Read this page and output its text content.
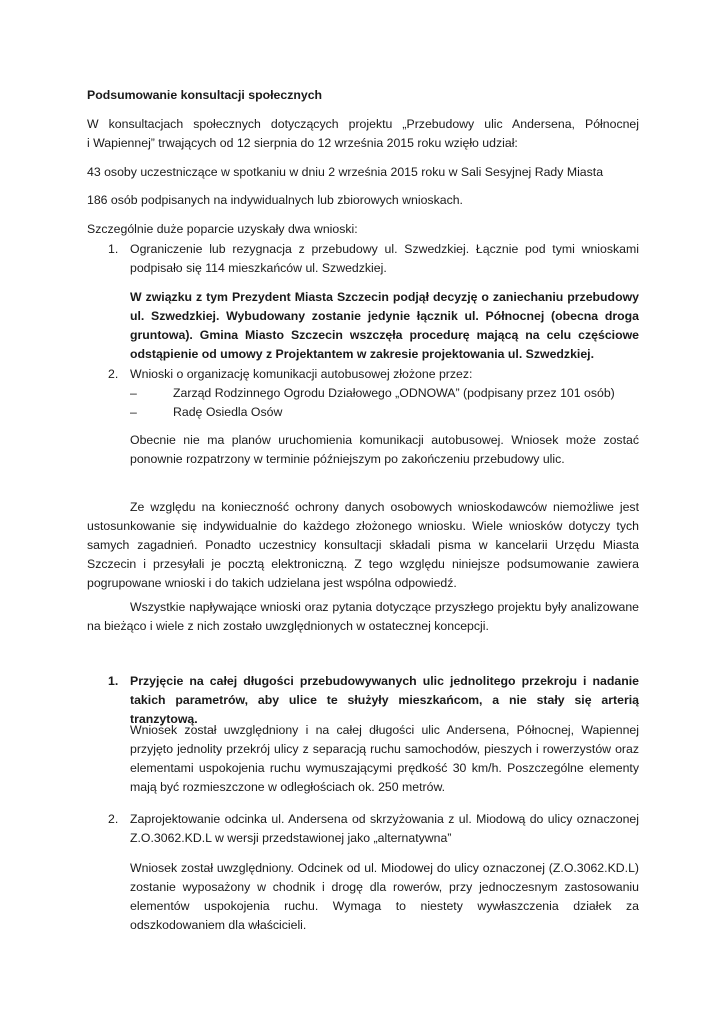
Podsumowanie konsultacji społecznych

W konsultacjach społecznych dotyczących projektu „Przebudowy ulic Andersena, Północnej

i Wapiennej” trwających od 12 sierpnia do 12 września 2015 roku wzięło udział:

43 osoby uczestniczące w spotkaniu w dniu 2 września 2015 roku w Sali Sesyjnej Rady Miasta

186 osób podpisanych na indywidualnych lub zbiorowych wnioskach.

Szczególnie duże poparcie uzyskały dwa wnioski:

1. Ograniczenie lub rezygnacja z przebudowy ul. Szwedzkiej. Łącznie pod tymi wnioskami podpisało się 114 mieszkańców ul. Szwedzkiej.

W związku z tym Prezydent Miasta Szczecin podjął decyzję o zaniechaniu przebudowy ul. Szwedzkiej. Wybudowany zostanie jedynie łącznik ul. Północnej (obecna droga gruntowa). Gmina Miasto Szczecin wszczęła procedurę mającą na celu częściowe odstąpienie od umowy z Projektantem w zakresie projektowania ul. Szwedzkiej.

2. Wnioski o organizację komunikacji autobusowej złożone przez:

–	Zarząd Rodzinnego Ogrodu Działowego „ODNOWA” (podpisany przez 101 osób)

–	Radę Osiedla Osów

Obecnie nie ma planów uruchomienia komunikacji autobusowej. Wniosek może zostać ponownie rozpatrzony w terminie późniejszym po zakończeniu przebudowy ulic.

Ze względu na konieczność ochrony danych osobowych wnioskodawców niemożliwe jest ustosunkowanie się indywidualnie do każdego złożonego wniosku. Wiele wniosków dotyczy tych samych zagadnień. Ponadto uczestnicy konsultacji składali pisma w kancelarii Urzędu Miasta Szczecin i przesyłali je pocztą elektroniczną. Z tego względu niniejsze podsumowanie zawiera pogrupowane wnioski i do takich udzielana jest wspólna odpowiedź.

Wszystkie napływające wnioski oraz pytania dotyczące przyszłego projektu były analizowane na bieżąco i wiele z nich zostało uwzględnionych w ostatecznej koncepcji.

1. Przyjęcie na całej długości przebudowywanych ulic jednolitego przekroju i nadanie takich parametrów, aby ulice te służyły mieszkańcom, a nie stały się arterią tranzytową.

Wniosek został uwzględniony i na całej długości ulic Andersena, Północnej, Wapiennej przyjęto jednolity przekrój ulicy z separacją ruchu samochodów, pieszych i rowerzystów oraz elementami uspokojenia ruchu wymuszającymi prędkość 30 km/h. Poszczególne elementy mają być rozmieszczone w odległościach ok. 250 metrów.

2. Zaprojektowanie odcinka ul. Andersena od skrzyżowania z ul. Miodową do ulicy oznaczonej Z.O.3062.KD.L w wersji przedstawionej jako „alternatywna”

Wniosek został uwzględniony. Odcinek od ul. Miodowej do ulicy oznaczonej (Z.O.3062.KD.L) zostanie wyposażony w chodnik i drogę dla rowerów, przy jednoczesnym zastosowaniu elementów uspokojenia ruchu. Wymaga to niestety wywłaszczenia działek za odszkodowaniem dla właścicieli.
